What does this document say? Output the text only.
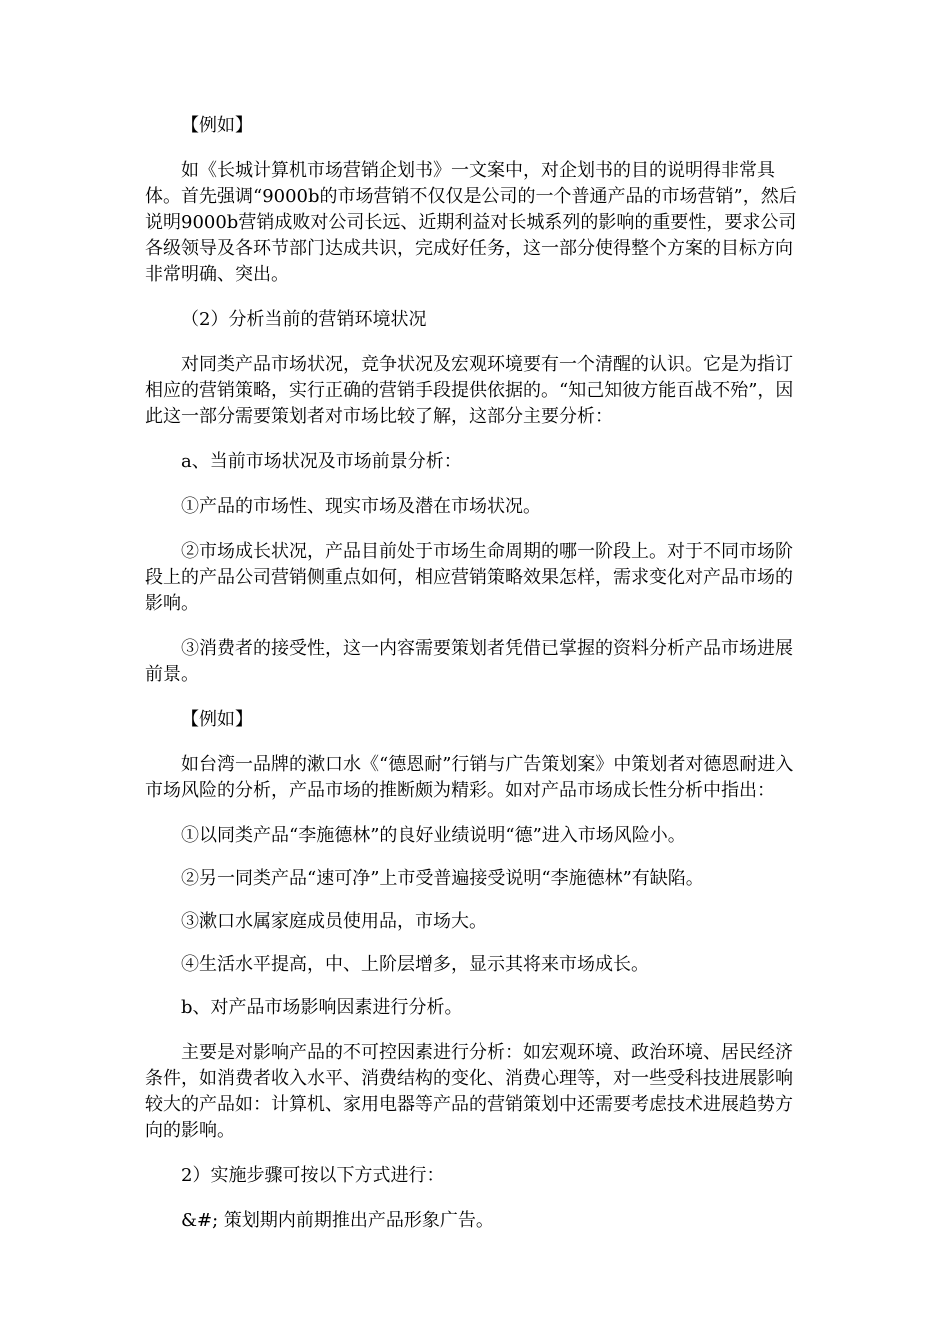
【例如】

如《长城计算机市场营销企划书》一文案中，对企划书的目的说明得非常具体。首先强调“9000b的市场营销不仅仅是公司的一个普通产品的市场营销”，然后说明9000b营销成败对公司长远、近期利益对长城系列的影响的重要性，要求公司各级领导及各环节部门达成共识，完成好任务，这一部分使得整个方案的目标方向非常明确、突出。

（2）分析当前的营销环境状况

对同类产品市场状况，竞争状况及宏观环境要有一个清醒的认识。它是为指订相应的营销策略，实行正确的营销手段提供依据的。“知己知彼方能百战不殆”，因此这一部分需要策划者对市场比较了解，这部分主要分析：

a、当前市场状况及市场前景分析：

①产品的市场性、现实市场及潜在市场状况。

②市场成长状况，产品目前处于市场生命周期的哪一阶段上。对于不同市场阶段上的产品公司营销侧重点如何，相应营销策略效果怎样，需求变化对产品市场的影响。

③消费者的接受性，这一内容需要策划者凭借已掌握的资料分析产品市场进展前景。

【例如】

如台湾一品牌的漱口水《“德恩耐”行销与广告策划案》中策划者对德恩耐进入市场风险的分析，产品市场的推断颇为精彩。如对产品市场成长性分析中指出：

①以同类产品“李施德林”的良好业绩说明“德”进入市场风险小。

②另一同类产品“速可净”上市受普遍接受说明“李施德林”有缺陷。

③漱口水属家庭成员使用品，市场大。

④生活水平提高，中、上阶层增多，显示其将来市场成长。

b、对产品市场影响因素进行分析。

主要是对影响产品的不可控因素进行分析：如宏观环境、政治环境、居民经济条件，如消费者收入水平、消费结构的变化、消费心理等，对一些受科技进展影响较大的产品如：计算机、家用电器等产品的营销策划中还需要考虑技术进展趋势方向的影响。

2）实施步骤可按以下方式进行：

&#; 策划期内前期推出产品形象广告。
